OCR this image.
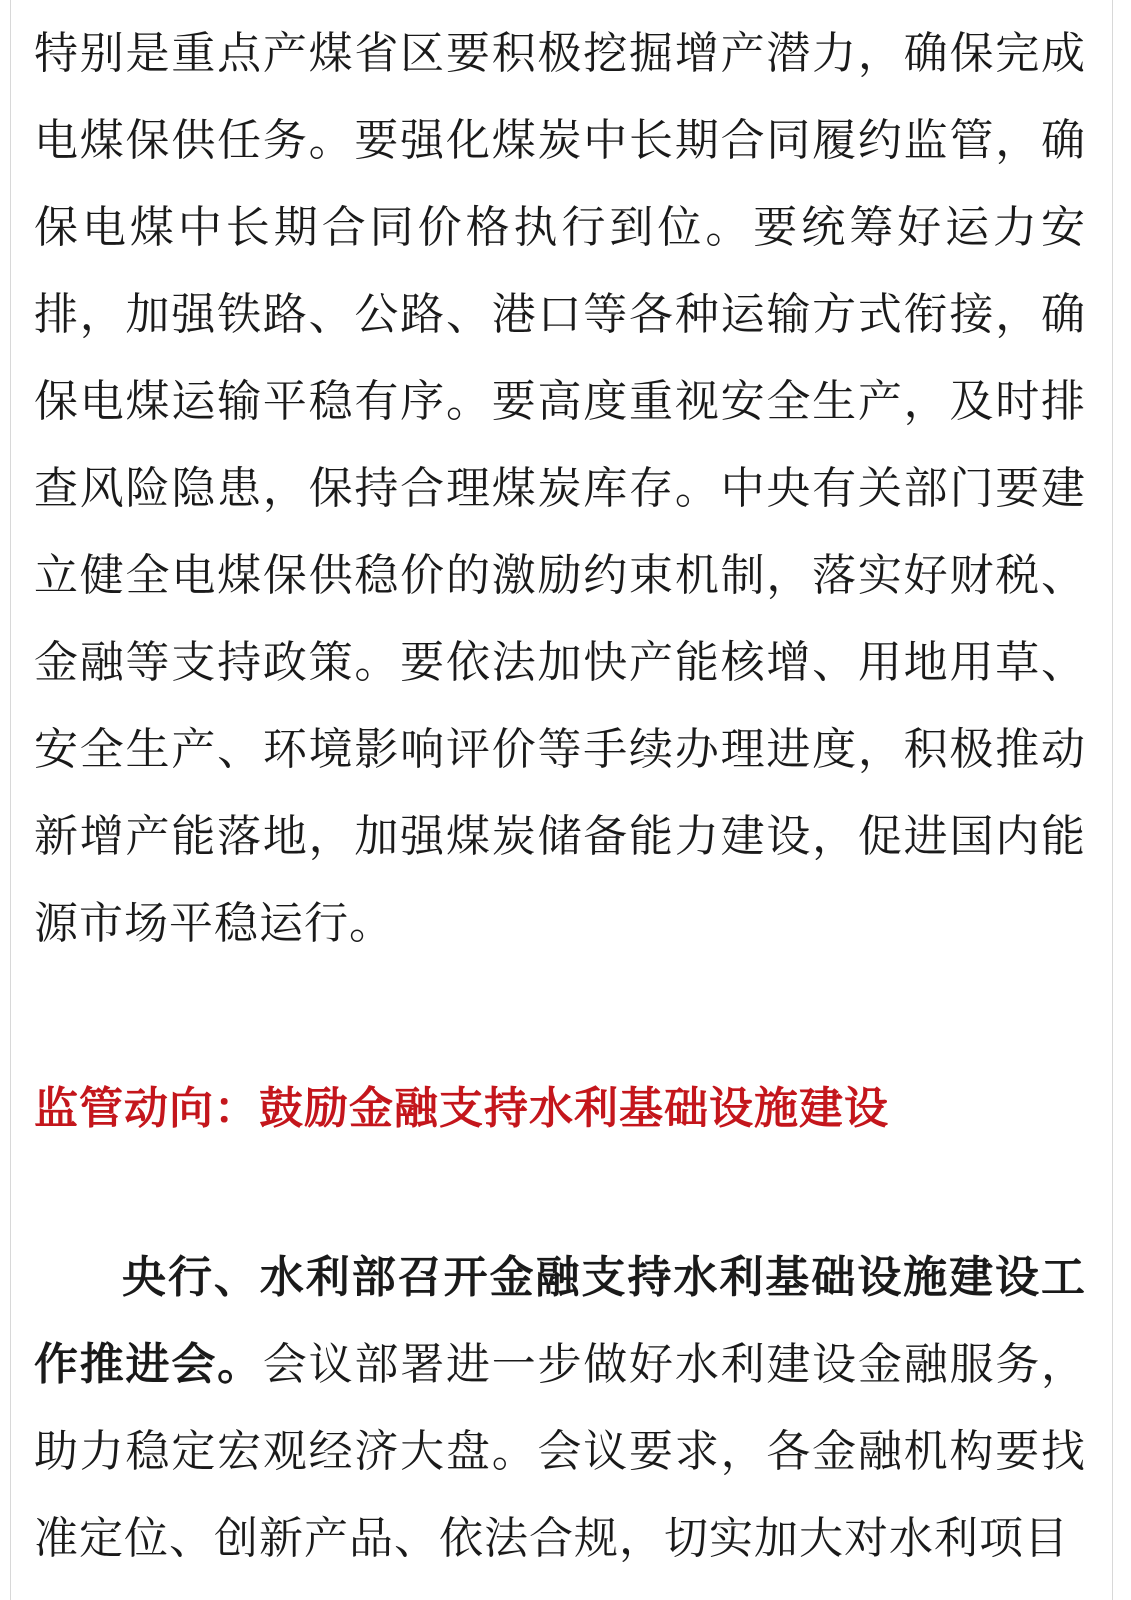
特别是重点产煤省区要积极挖掘增产潜力，确保完成电煤保供任务。要强化煤炭中长期合同履约监管，确保电煤中长期合同价格执行到位。要统筹好运力安排，加强铁路、公路、港口等各种运输方式衔接，确保电煤运输平稳有序。要高度重视安全生产，及时排查风险隐患，保持合理煤炭库存。中央有关部门要建立健全电煤保供稳价的激励约束机制，落实好财税、金融等支持政策。要依法加快产能核增、用地用草、安全生产、环境影响评价等手续办理进度，积极推动新增产能落地，加强煤炭储备能力建设，促进国内能源市场平稳运行。

监管动向：鼓励金融支持水利基础设施建设

央行、水利部召开金融支持水利基础设施建设工作推进会。会议部署进一步做好水利建设金融服务，助力稳定宏观经济大盘。会议要求，各金融机构要找准定位、创新产品、依法合规，切实加大对水利项目
